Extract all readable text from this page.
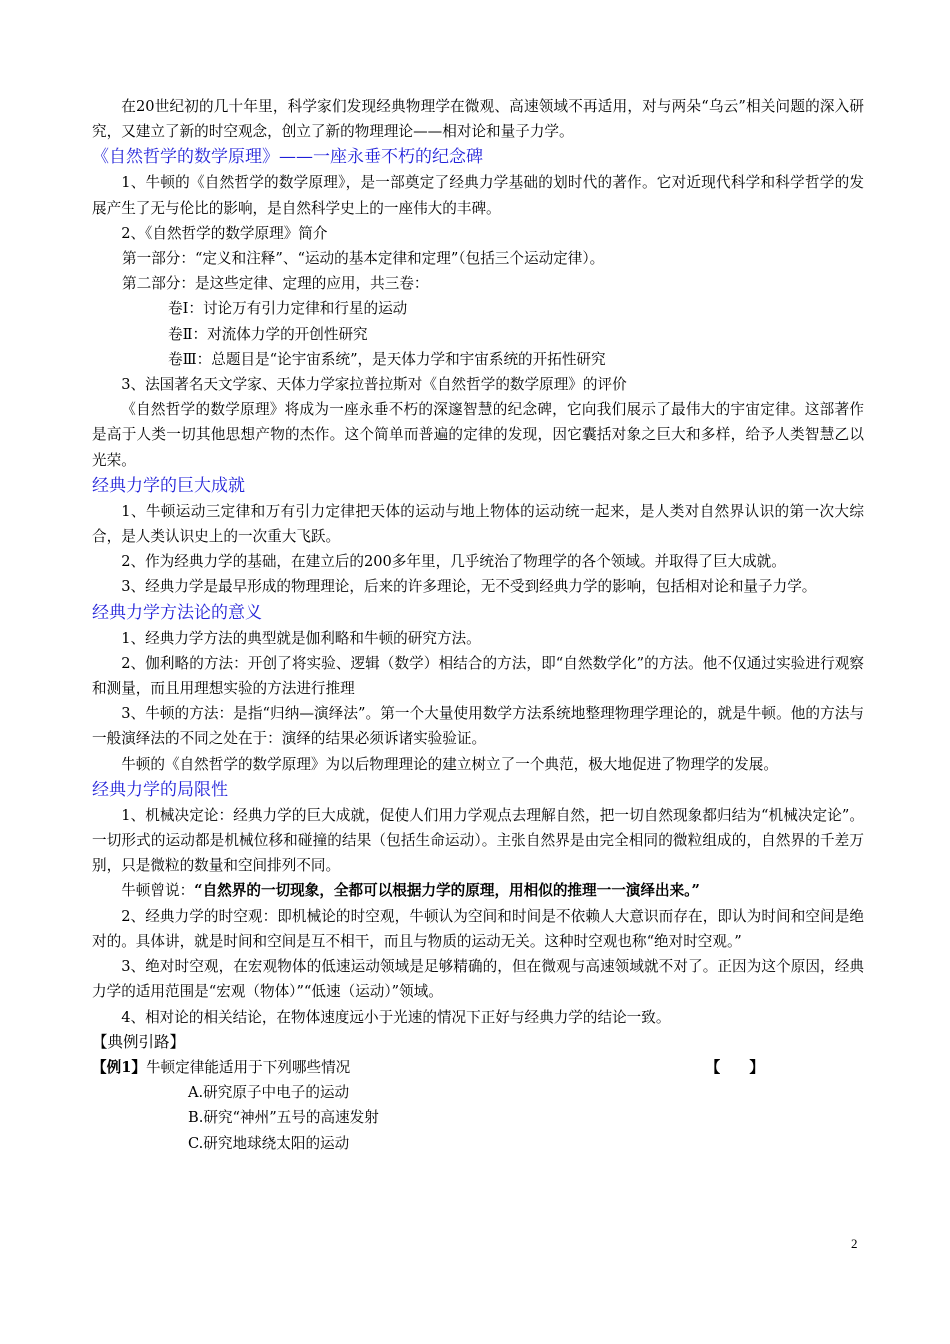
在20世纪初的几十年里，科学家们发现经典物理学在微观、高速领域不再适用，对与两朵“乌云”相关问题的深入研究，又建立了新的时空观念，创立了新的物理理论——相对论和量子力学。

《自然哲学的数学原理》——一座永垂不朽的纪念碑

1、牛顿的《自然哲学的数学原理》，是一部奠定了经典力学基础的划时代的著作。它对近现代科学和科学哲学的发展产生了无与伦比的影响，是自然科学史上的一座伟大的丰碑。

2、《自然哲学的数学原理》简介

第一部分：“定义和注释”、“运动的基本定律和定理”（包括三个运动定律）。

第二部分：是这些定律、定理的应用，共三卷：

卷Ⅰ：讨论万有引力定律和行星的运动

卷Ⅱ：对流体力学的开创性研究

卷Ⅲ：总题目是“论宇宙系统”，是天体力学和宇宙系统的开拓性研究

3、法国著名天文学家、天体力学家拉普拉斯对《自然哲学的数学原理》的评价

《自然哲学的数学原理》将成为一座永垂不朽的深邃智慧的纪念碑，它向我们展示了最伟大的宇宙定律。这部著作是高于人类一切其他思想产物的杰作。这个简单而普遍的定律的发现，因它囊括对象之巨大和多样，给予人类智慧乙以光荣。

经典力学的巨大成就

1、牛顿运动三定律和万有引力定律把天体的运动与地上物体的运动统一起来，是人类对自然界认识的第一次大综合，是人类认识史上的一次重大飞跃。

2、作为经典力学的基础，在建立后的200多年里，几乎统治了物理学的各个领域。并取得了巨大成就。

3、经典力学是最早形成的物理理论，后来的许多理论，无不受到经典力学的影响，包括相对论和量子力学。

经典力学方法论的意义

1、经典力学方法的典型就是伽利略和牛顿的研究方法。

2、伽利略的方法：开创了将实验、逻辑（数学）相结合的方法，即“自然数学化”的方法。他不仅通过实验进行观察和测量，而且用理想实验的方法进行推理

3、牛顿的方法：是指“归纳—演绎法”。第一个大量使用数学方法系统地整理物理学理论的，就是牛顿。他的方法与一般演绎法的不同之处在于：演绎的结果必须诉诸实验验证。

牛顿的《自然哲学的数学原理》为以后物理理论的建立树立了一个典范，极大地促进了物理学的发展。

经典力学的局限性

1、机械决定论：经典力学的巨大成就，促使人们用力学观点去理解自然，把一切自然现象都归结为“机械决定论”。一切形式的运动都是机械位移和碰撞的结果（包括生命运动）。主张自然界是由完全相同的微粒组成的，自然界的千差万别，只是微粒的数量和空间排列不同。

牛顿曾说：“自然界的一切现象，全都可以根据力学的原理，用相似的推理一一演绎出来。”

2、经典力学的时空观：即机械论的时空观，牛顿认为空间和时间是不依赖人大意识而存在，即认为时间和空间是绝对的。具体讲，就是时间和空间是互不相干，而且与物质的运动无关。这种时空观也称“绝对时空观。”

3、绝对时空观，在宏观物体的低速运动领域是足够精确的，但在微观与高速领域就不对了。正因为这个原因，经典力学的适用范围是“宏观（物体）”“低速（运动）”领域。

4、相对论的相关结论，在物体速度远小于光速的情况下正好与经典力学的结论一致。

【典例引路】

【例1】牛顿定律能适用于下列哪些情况	【　　】

A.研究原子中电子的运动

B.研究“神州”五号的高速发射

C.研究地球绕太阳的运动

2
